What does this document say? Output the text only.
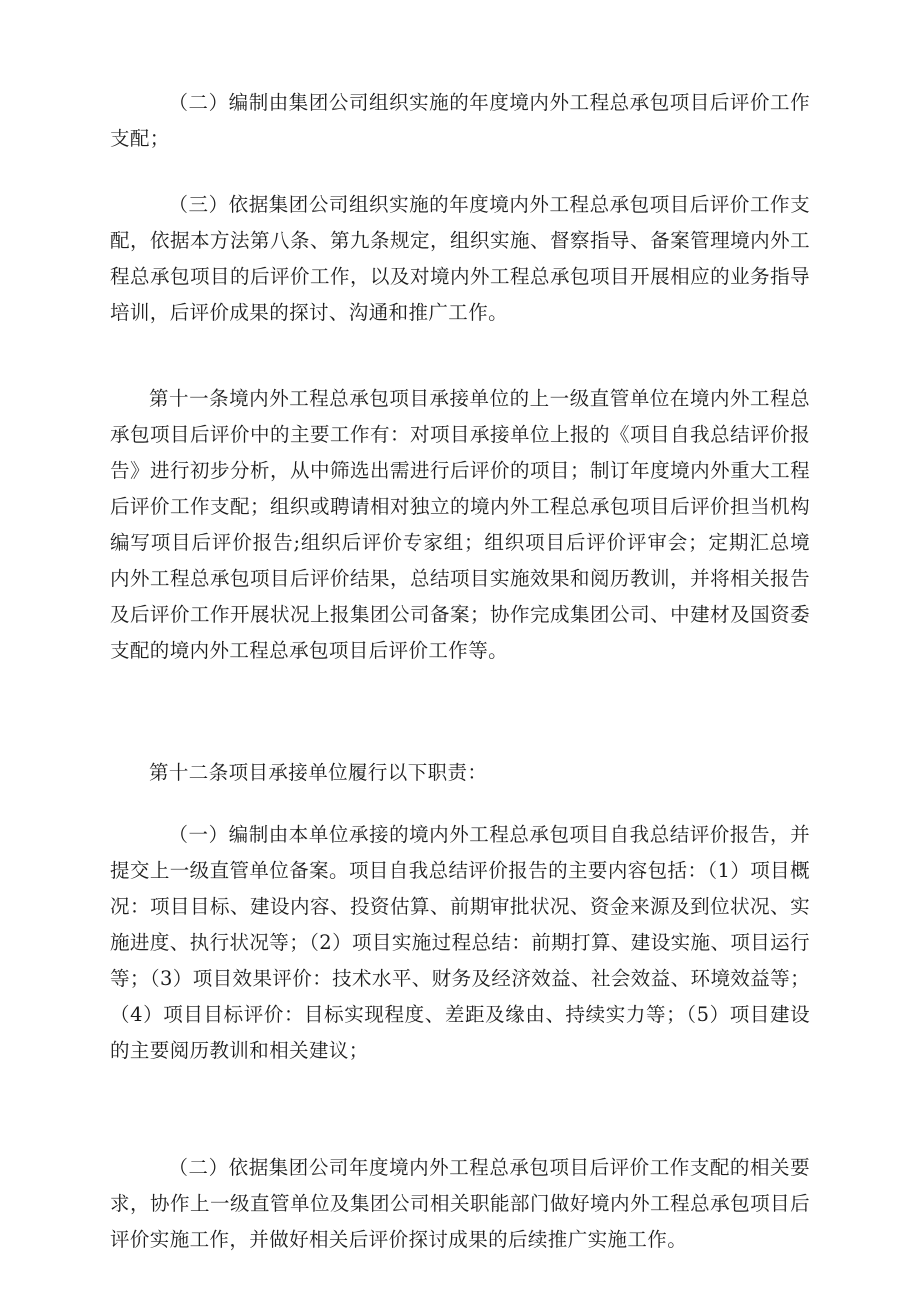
（二）编制由集团公司组织实施的年度境内外工程总承包项目后评价工作支配；

（三）依据集团公司组织实施的年度境内外工程总承包项目后评价工作支配，依据本方法第八条、第九条规定，组织实施、督察指导、备案管理境内外工程总承包项目的后评价工作，以及对境内外工程总承包项目开展相应的业务指导培训，后评价成果的探讨、沟通和推广工作。

第十一条境内外工程总承包项目承接单位的上一级直管单位在境内外工程总承包项目后评价中的主要工作有：对项目承接单位上报的《项目自我总结评价报告》进行初步分析，从中筛选出需进行后评价的项目；制订年度境内外重大工程后评价工作支配；组织或聘请相对独立的境内外工程总承包项目后评价担当机构编写项目后评价报告;组织后评价专家组；组织项目后评价评审会；定期汇总境内外工程总承包项目后评价结果，总结项目实施效果和阅历教训，并将相关报告及后评价工作开展状况上报集团公司备案；协作完成集团公司、中建材及国资委支配的境内外工程总承包项目后评价工作等。

第十二条项目承接单位履行以下职责：

（一）编制由本单位承接的境内外工程总承包项目自我总结评价报告，并提交上一级直管单位备案。项目自我总结评价报告的主要内容包括：（1）项目概况：项目目标、建设内容、投资估算、前期审批状况、资金来源及到位状况、实施进度、执行状况等；（2）项目实施过程总结：前期打算、建设实施、项目运行等；（3）项目效果评价：技术水平、财务及经济效益、社会效益、环境效益等；（4）项目目标评价：目标实现程度、差距及缘由、持续实力等；（5）项目建设的主要阅历教训和相关建议；

（二）依据集团公司年度境内外工程总承包项目后评价工作支配的相关要求，协作上一级直管单位及集团公司相关职能部门做好境内外工程总承包项目后评价实施工作，并做好相关后评价探讨成果的后续推广实施工作。
